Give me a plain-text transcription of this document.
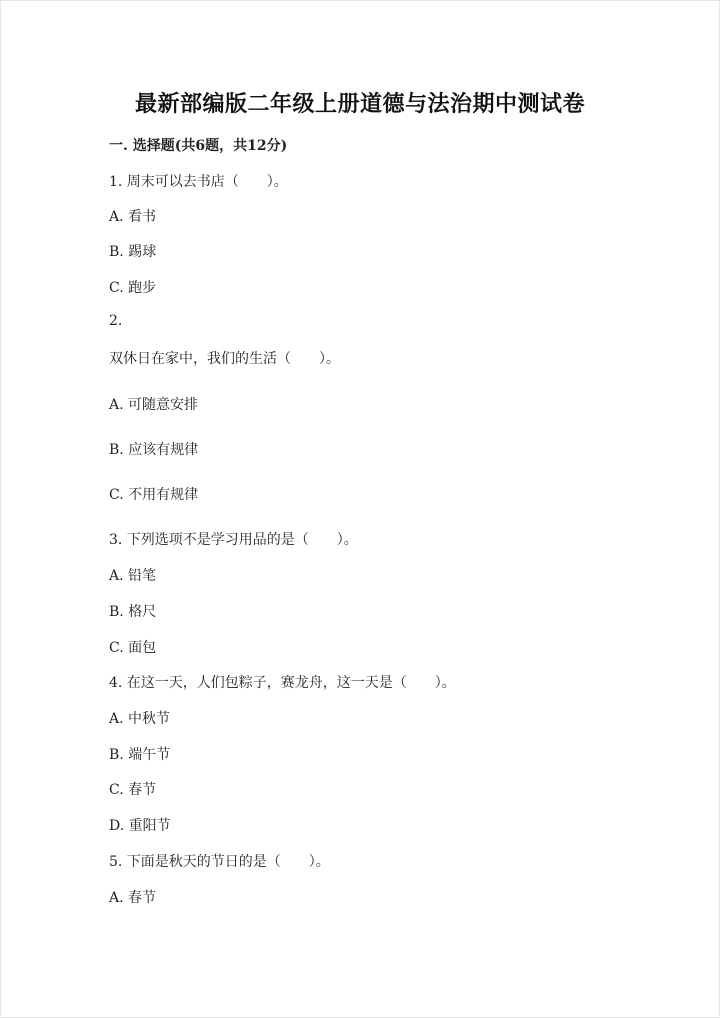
最新部编版二年级上册道德与法治期中测试卷
一. 选择题(共6题，共12分)
1. 周末可以去书店（　　）。
A. 看书
B. 踢球
C. 跑步
2.
双休日在家中，我们的生活（　　）。
A. 可随意安排
B. 应该有规律
C. 不用有规律
3. 下列选项不是学习用品的是（　　）。
A. 铅笔
B. 格尺
C. 面包
4. 在这一天，人们包粽子，赛龙舟，这一天是（　　）。
A. 中秋节
B. 端午节
C. 春节
D. 重阳节
5. 下面是秋天的节日的是（　　）。
A. 春节
